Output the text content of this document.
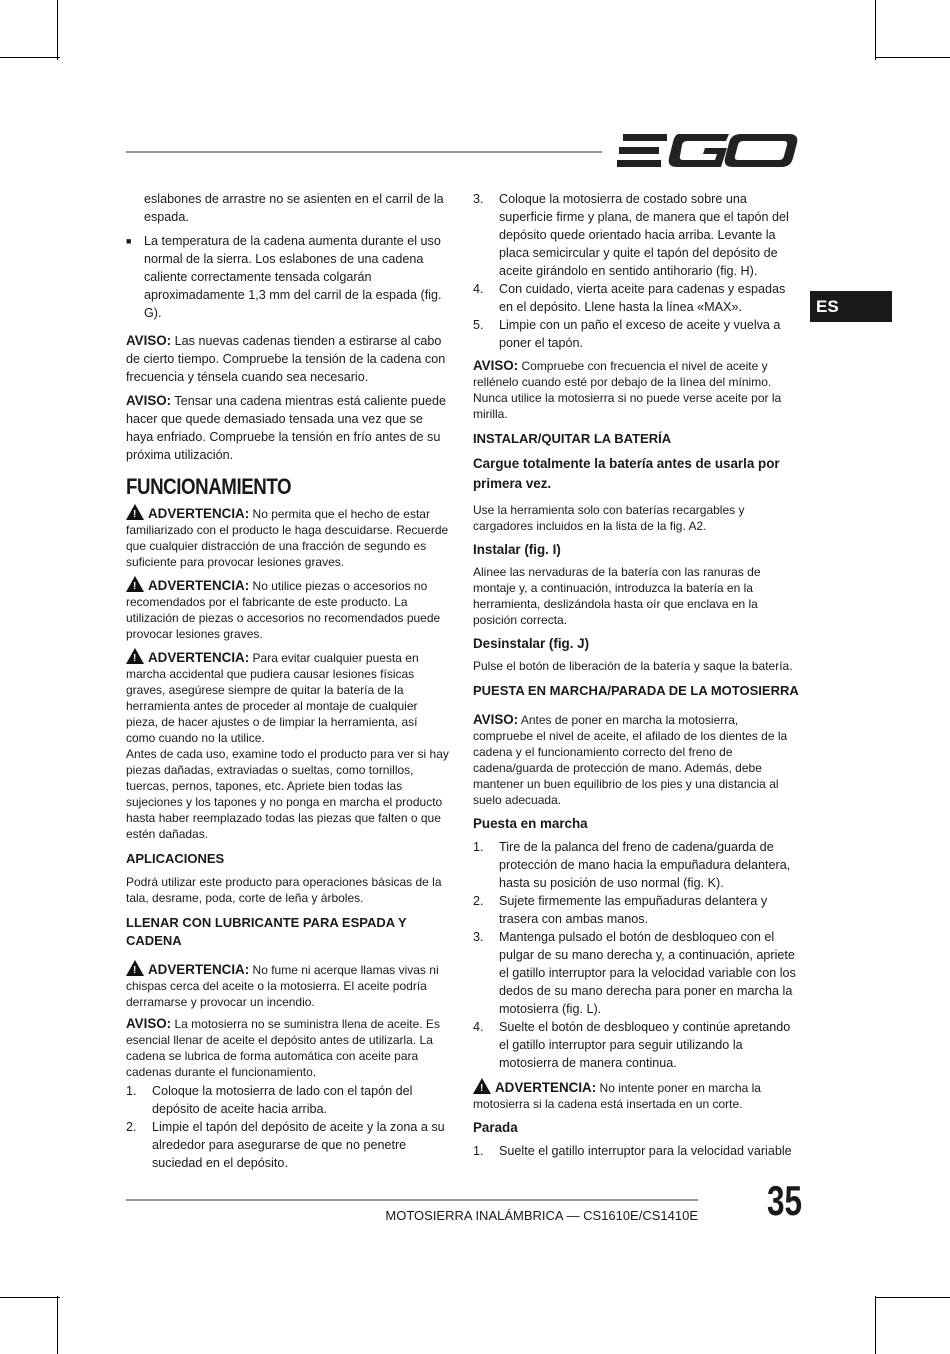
ES
eslabones de arrastre no se asienten en el carril de la espada.
■ La temperatura de la cadena aumenta durante el uso normal de la sierra. Los eslabones de una cadena caliente correctamente tensada colgarán aproximadamente 1,3 mm del carril de la espada (fig. G).
AVISO: Las nuevas cadenas tienden a estirarse al cabo de cierto tiempo. Compruebe la tensión de la cadena con frecuencia y ténsela cuando sea necesario.
AVISO: Tensar una cadena mientras está caliente puede hacer que quede demasiado tensada una vez que se haya enfriado. Compruebe la tensión en frío antes de su próxima utilización.
FUNCIONAMIENTO
!ADVERTENCIA: No permita que el hecho de estar familiarizado con el producto le haga descuidarse. Recuerde que cualquier distracción de una fracción de segundo es suficiente para provocar lesiones graves.
!ADVERTENCIA: No utilice piezas o accesorios no recomendados por el fabricante de este producto. La utilización de piezas o accesorios no recomendados puede provocar lesiones graves.
!ADVERTENCIA: Para evitar cualquier puesta en marcha accidental que pudiera causar lesiones físicas graves, asegúrese siempre de quitar la batería de la herramienta antes de proceder al montaje de cualquier pieza, de hacer ajustes o de limpiar la herramienta, así como cuando no la utilice.
Antes de cada uso, examine todo el producto para ver si hay piezas dañadas, extraviadas o sueltas, como tornillos, tuercas, pernos, tapones, etc. Apriete bien todas las sujeciones y los tapones y no ponga en marcha el producto hasta haber reemplazado todas las piezas que falten o que estén dañadas.
APLICACIONES
Podrá utilizar este producto para operaciones básicas de la tala, desrame, poda, corte de leña y árboles.
LLENAR CON LUBRICANTE PARA ESPADA Y CADENA
!ADVERTENCIA: No fume ni acerque llamas vivas ni chispas cerca del aceite o la motosierra. El aceite podría derramarse y provocar un incendio.
AVISO: La motosierra no se suministra llena de aceite. Es esencial llenar de aceite el depósito antes de utilizarla. La cadena se lubrica de forma automática con aceite para cadenas durante el funcionamiento.
1.	Coloque la motosierra de lado con el tapón del depósito de aceite hacia arriba.
2.	Limpie el tapón del depósito de aceite y la zona a su alrededor para asegurarse de que no penetre suciedad en el depósito.
3.	Coloque la motosierra de costado sobre una superficie firme y plana, de manera que el tapón del depósito quede orientado hacia arriba. Levante la placa semicircular y quite el tapón del depósito de aceite girándolo en sentido antihorario (fig. H).
4.	Con cuidado, vierta aceite para cadenas y espadas en el depósito. Llene hasta la línea «MAX».
5.	Limpie con un paño el exceso de aceite y vuelva a poner el tapón.
AVISO: Compruebe con frecuencia el nivel de aceite y rellénelo cuando esté por debajo de la línea del mínimo. Nunca utilice la motosierra si no puede verse aceite por la mirilla.
INSTALAR/QUITAR LA BATERÍA
Cargue totalmente la batería antes de usarla por primera vez.
Use la herramienta solo con baterías recargables y cargadores incluidos en la lista de la fig. A2.
Instalar (fig. I)
Alinee las nervaduras de la batería con las ranuras de montaje y, a continuación, introduzca la batería en la herramienta, deslizándola hasta oír que enclava en la posición correcta.
Desinstalar (fig. J)
Pulse el botón de liberación de la batería y saque la batería.
PUESTA EN MARCHA/PARADA DE LA MOTOSIERRA
AVISO: Antes de poner en marcha la motosierra, compruebe el nivel de aceite, el afilado de los dientes de la cadena y el funcionamiento correcto del freno de cadena/guarda de protección de mano. Además, debe mantener un buen equilibrio de los pies y una distancia al suelo adecuada.
Puesta en marcha
1.	Tire de la palanca del freno de cadena/guarda de protección de mano hacia la empuñadura delantera, hasta su posición de uso normal (fig. K).
2.	Sujete firmemente las empuñaduras delantera y trasera con ambas manos.
3.	Mantenga pulsado el botón de desbloqueo con el pulgar de su mano derecha y, a continuación, apriete el gatillo interruptor para la velocidad variable con los dedos de su mano derecha para poner en marcha la motosierra (fig. L).
4.	Suelte el botón de desbloqueo y continúe apretando el gatillo interruptor para seguir utilizando la motosierra de manera continua.
!ADVERTENCIA: No intente poner en marcha la motosierra si la cadena está insertada en un corte.
Parada
1.	Suelte el gatillo interruptor para la velocidad variable
MOTOSIERRA INALÁMBRICA — CS1610E/CS1410E 35
